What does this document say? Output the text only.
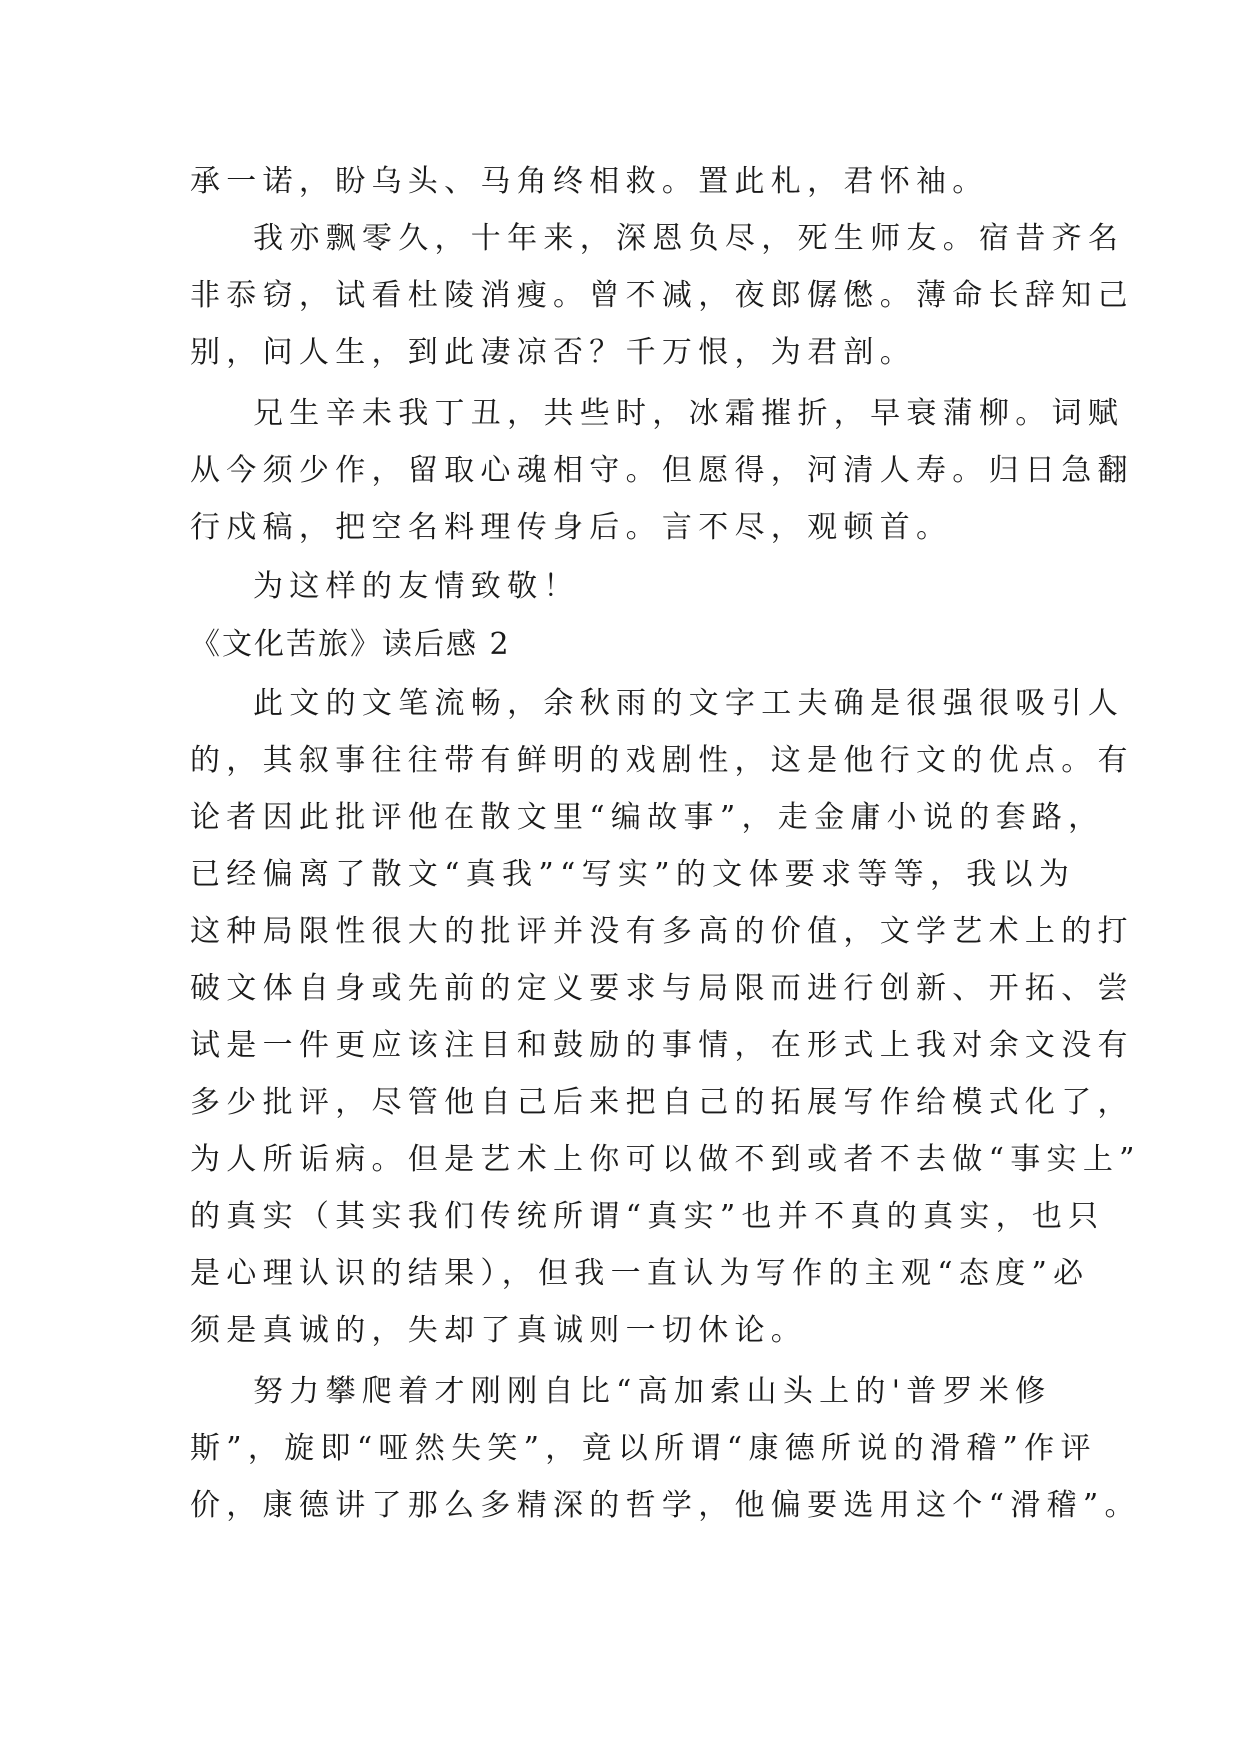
承一诺，盼乌头、马角终相救。置此札，君怀袖。
我亦飘零久，十年来，深恩负尽，死生师友。宿昔齐名
非忝窃，试看杜陵消瘦。曾不减，夜郎僝僽。薄命长辞知己
别，问人生，到此凄凉否？千万恨，为君剖。
兄生辛未我丁丑，共些时，冰霜摧折，早衰蒲柳。词赋
从今须少作，留取心魂相守。但愿得，河清人寿。归日急翻
行戍稿，把空名料理传身后。言不尽，观顿首。
为这样的友情致敬！
《文化苦旅》读后感 2
此文的文笔流畅，余秋雨的文字工夫确是很强很吸引人
的，其叙事往往带有鲜明的戏剧性，这是他行文的优点。有
论者因此批评他在散文里“编故事”，走金庸小说的套路，
已经偏离了散文“真我”“写实”的文体要求等等，我以为
这种局限性很大的批评并没有多高的价值，文学艺术上的打
破文体自身或先前的定义要求与局限而进行创新、开拓、尝
试是一件更应该注目和鼓励的事情，在形式上我对余文没有
多少批评，尽管他自己后来把自己的拓展写作给模式化了，
为人所诟病。但是艺术上你可以做不到或者不去做“事实上”
的真实（其实我们传统所谓“真实”也并不真的真实，也只
是心理认识的结果），但我一直认为写作的主观“态度”必
须是真诚的，失却了真诚则一切休论。
努力攀爬着才刚刚自比“高加索山头上的'普罗米修
斯”，旋即“哑然失笑”，竟以所谓“康德所说的滑稽”作评
价，康德讲了那么多精深的哲学，他偏要选用这个“滑稽”。
